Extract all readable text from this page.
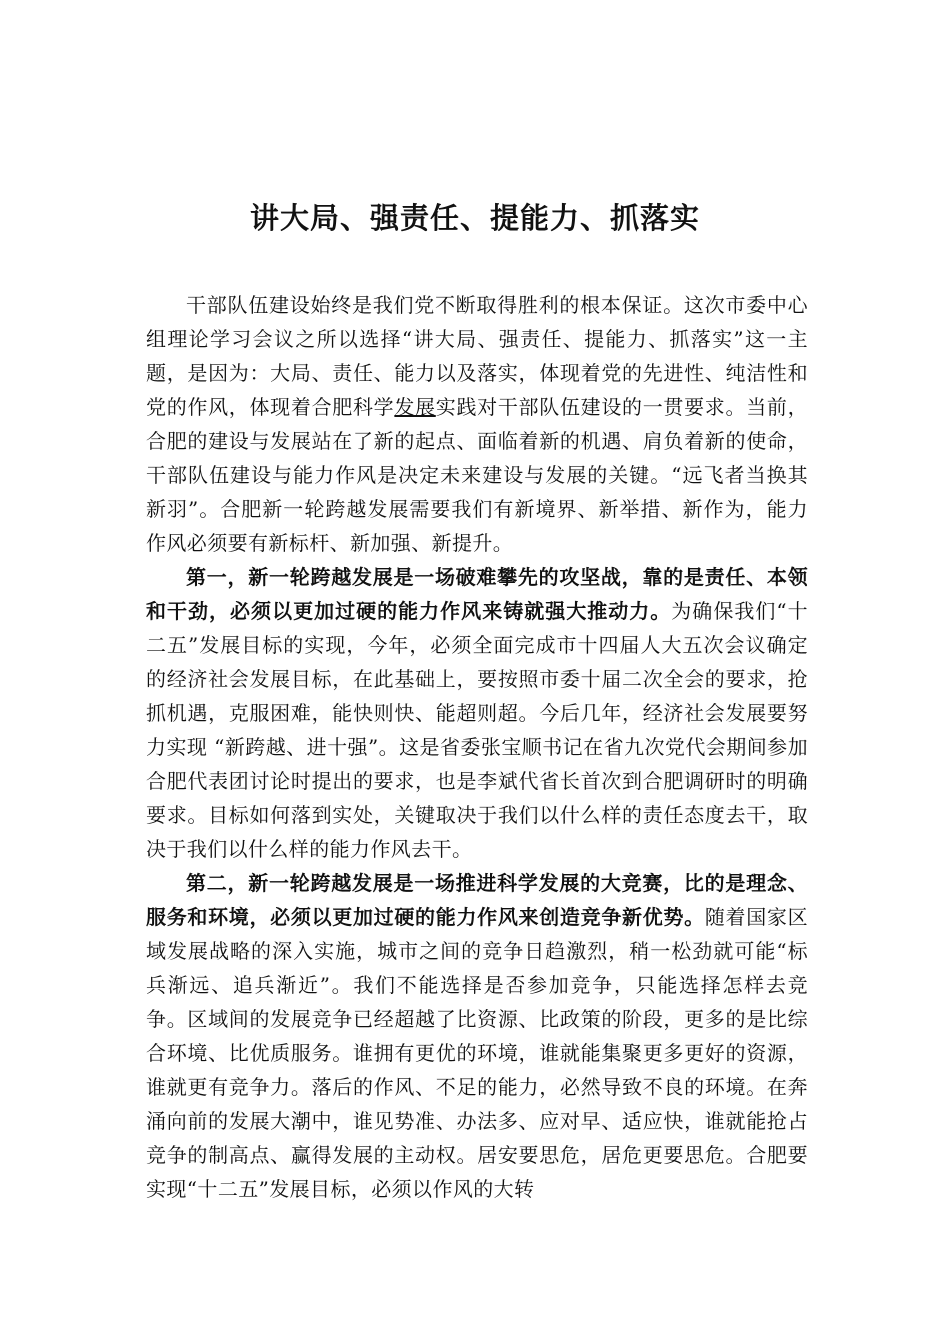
讲大局、强责任、提能力、抓落实

干部队伍建设始终是我们党不断取得胜利的根本保证。这次市委中心组理论学习会议之所以选择“讲大局、强责任、提能力、抓落实”这一主题，是因为：大局、责任、能力以及落实，体现着党的先进性、纯洁性和党的作风，体现着合肥科学发展实践对干部队伍建设的一贯要求。当前，合肥的建设与发展站在了新的起点、面临着新的机遇、肩负着新的使命，干部队伍建设与能力作风是决定未来建设与发展的关键。“远飞者当换其新羽”。合肥新一轮跨越发展需要我们有新境界、新举措、新作为，能力作风必须要有新标杆、新加强、新提升。

第一，新一轮跨越发展是一场破难攀先的攻坚战，靠的是责任、本领和干劲，必须以更加过硬的能力作风来铸就强大推动力。为确保我们“十二五”发展目标的实现，今年，必须全面完成市十四届人大五次会议确定的经济社会发展目标，在此基础上，要按照市委十届二次全会的要求，抢抓机遇，克服困难，能快则快、能超则超。今后几年，经济社会发展要努力实现 “新跨越、进十强”。这是省委张宝顺书记在省九次党代会期间参加合肥代表团讨论时提出的要求，也是李斌代省长首次到合肥调研时的明确要求。目标如何落到实处，关键取决于我们以什么样的责任态度去干，取决于我们以什么样的能力作风去干。

第二，新一轮跨越发展是一场推进科学发展的大竞赛，比的是理念、服务和环境，必须以更加过硬的能力作风来创造竞争新优势。随着国家区域发展战略的深入实施，城市之间的竞争日趋激烈，稍一松劲就可能“标兵渐远、追兵渐近”。我们不能选择是否参加竞争，只能选择怎样去竞争。区域间的发展竞争已经超越了比资源、比政策的阶段，更多的是比综合环境、比优质服务。谁拥有更优的环境，谁就能集聚更多更好的资源，谁就更有竞争力。落后的作风、不足的能力，必然导致不良的环境。在奔涌向前的发展大潮中，谁见势准、办法多、应对早、适应快，谁就能抢占竞争的制高点、赢得发展的主动权。居安要思危，居危更要思危。合肥要实现“十二五”发展目标，必须以作风的大转
